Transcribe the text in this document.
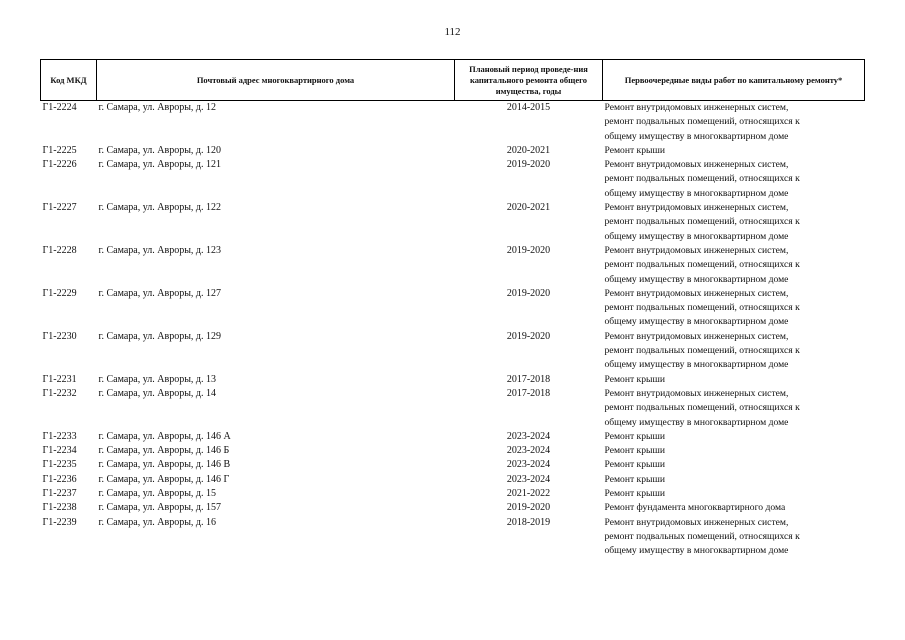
112
Код МКД	Почтовый адрес многоквартирного дома	Плановый период проведе-ния капитального ремонта общего имущества, годы	Первоочередные виды работ по капитальному ремонту*
Г1-2224	г. Самара, ул. Авроры, д. 12	2014-2015	Ремонт внутридомовых инженерных систем,
ремонт подвальных помещений, относящихся к
общему имуществу в многоквартирном доме

Г1-2225	г. Самара, ул. Авроры, д. 120	2020-2021	Ремонт крыши

Г1-2226	г. Самара, ул. Авроры, д. 121	2019-2020	Ремонт внутридомовых инженерных систем,
ремонт подвальных помещений, относящихся к
общему имуществу в многоквартирном доме

Г1-2227	г. Самара, ул. Авроры, д. 122	2020-2021	Ремонт внутридомовых инженерных систем,
ремонт подвальных помещений, относящихся к
общему имуществу в многоквартирном доме

Г1-2228	г. Самара, ул. Авроры, д. 123	2019-2020	Ремонт внутридомовых инженерных систем,
ремонт подвальных помещений, относящихся к
общему имуществу в многоквартирном доме

Г1-2229	г. Самара, ул. Авроры, д. 127	2019-2020	Ремонт внутридомовых инженерных систем,
ремонт подвальных помещений, относящихся к
общему имуществу в многоквартирном доме

Г1-2230	г. Самара, ул. Авроры, д. 129	2019-2020	Ремонт внутридомовых инженерных систем,
ремонт подвальных помещений, относящихся к
общему имуществу в многоквартирном доме

Г1-2231	г. Самара, ул. Авроры, д. 13	2017-2018	Ремонт крыши

Г1-2232	г. Самара, ул. Авроры, д. 14	2017-2018	Ремонт внутридомовых инженерных систем,
ремонт подвальных помещений, относящихся к
общему имуществу в многоквартирном доме

Г1-2233	г. Самара, ул. Авроры, д. 146 А	2023-2024	Ремонт крыши

Г1-2234	г. Самара, ул. Авроры, д. 146 Б	2023-2024	Ремонт крыши

Г1-2235	г. Самара, ул. Авроры, д. 146 В	2023-2024	Ремонт крыши

Г1-2236	г. Самара, ул. Авроры, д. 146 Г	2023-2024	Ремонт крыши

Г1-2237	г. Самара, ул. Авроры, д. 15	2021-2022	Ремонт крыши

Г1-2238	г. Самара, ул. Авроры, д. 157	2019-2020	Ремонт фундамента многоквартирного дома

Г1-2239	г. Самара, ул. Авроры, д. 16	2018-2019	Ремонт внутридомовых инженерных систем,
ремонт подвальных помещений, относящихся к
общему имуществу в многоквартирном доме
